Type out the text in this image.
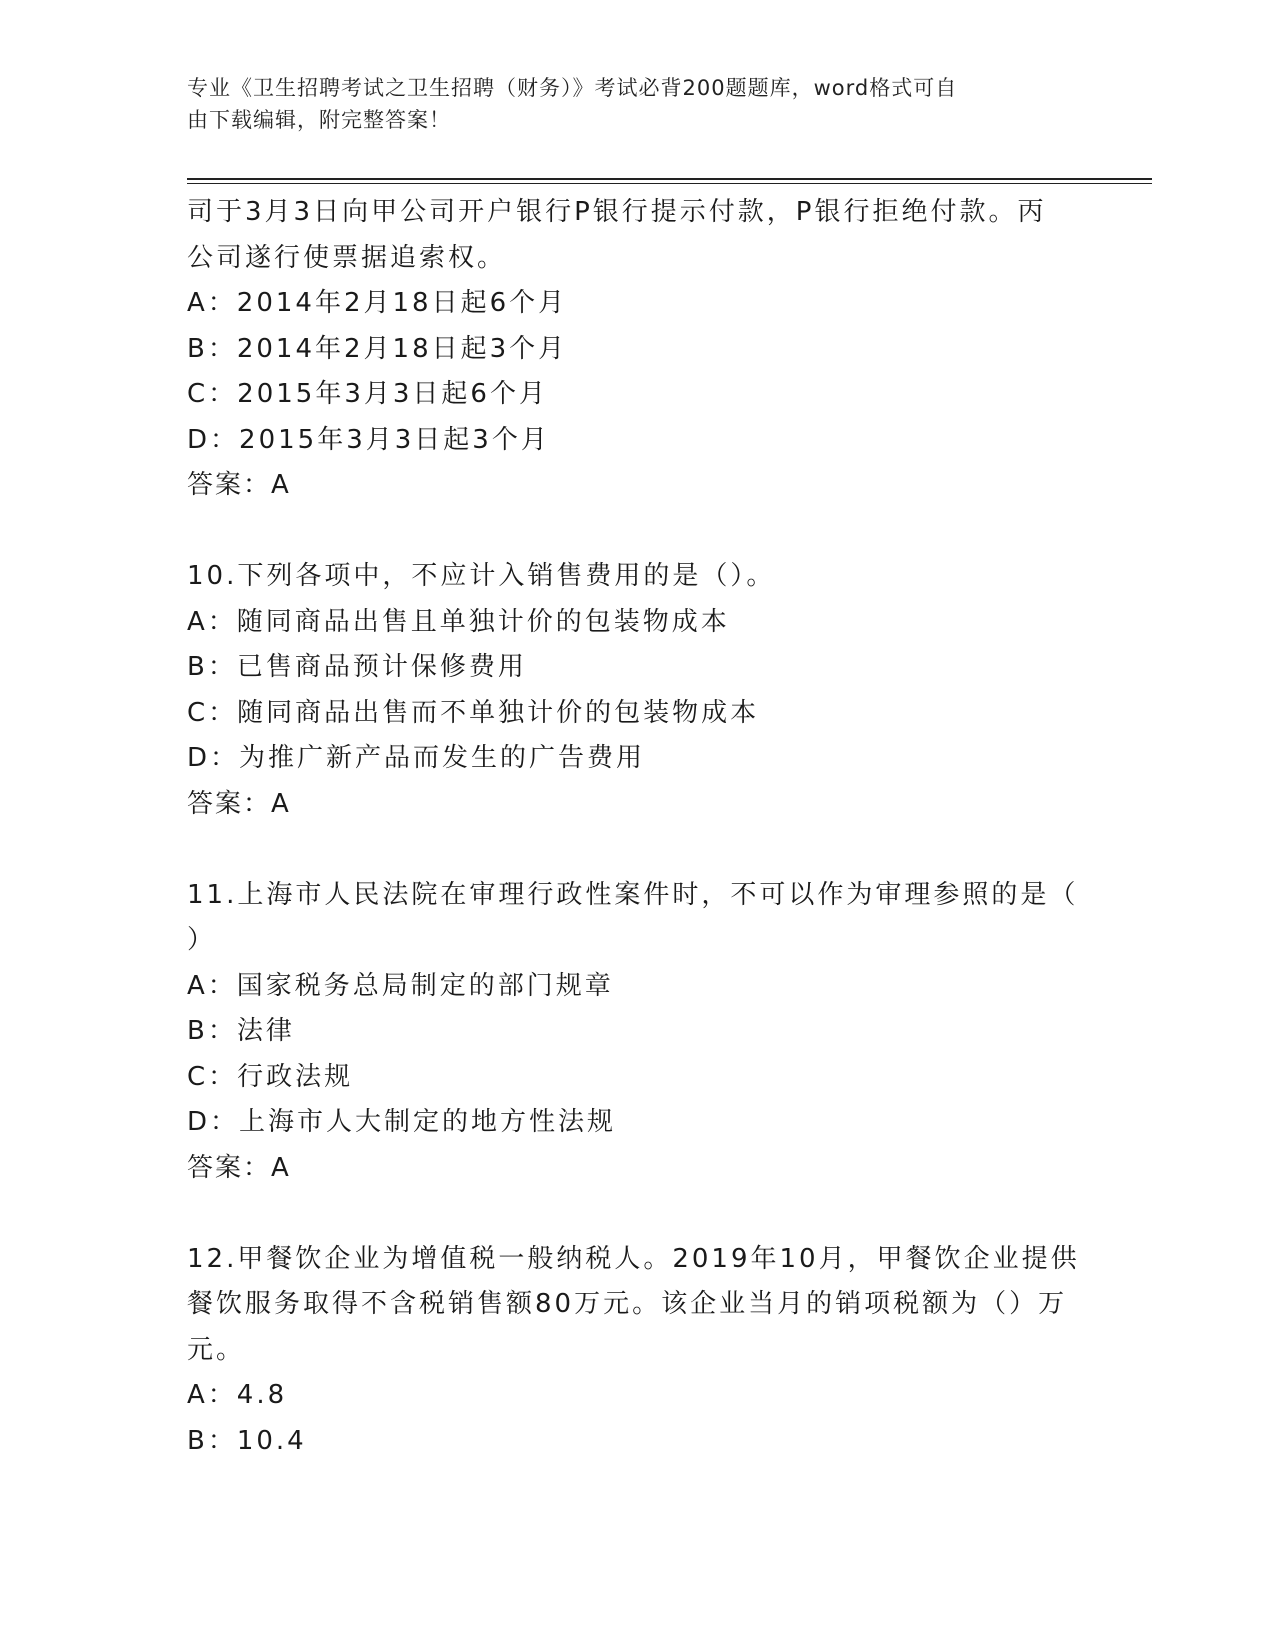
专业《卫生招聘考试之卫生招聘（财务）》考试必背200题题库，word格式可自
由下载编辑，附完整答案！
司于3月3日向甲公司开户银行P银行提示付款，P银行拒绝付款。丙
公司遂行使票据追索权。
A：2014年2月18日起6个月
B：2014年2月18日起3个月
C：2015年3月3日起6个月
D：2015年3月3日起3个月
答案：A
10.下列各项中，不应计入销售费用的是（）。
A：随同商品出售且单独计价的包装物成本
B：已售商品预计保修费用
C：随同商品出售而不单独计价的包装物成本
D：为推广新产品而发生的广告费用
答案：A
11.上海市人民法院在审理行政性案件时，不可以作为审理参照的是（
）
A：国家税务总局制定的部门规章
B：法律
C：行政法规
D：上海市人大制定的地方性法规
答案：A
12.甲餐饮企业为增值税一般纳税人。2019年10月，甲餐饮企业提供
餐饮服务取得不含税销售额80万元。该企业当月的销项税额为（）万
元。
A：4.8
B：10.4
